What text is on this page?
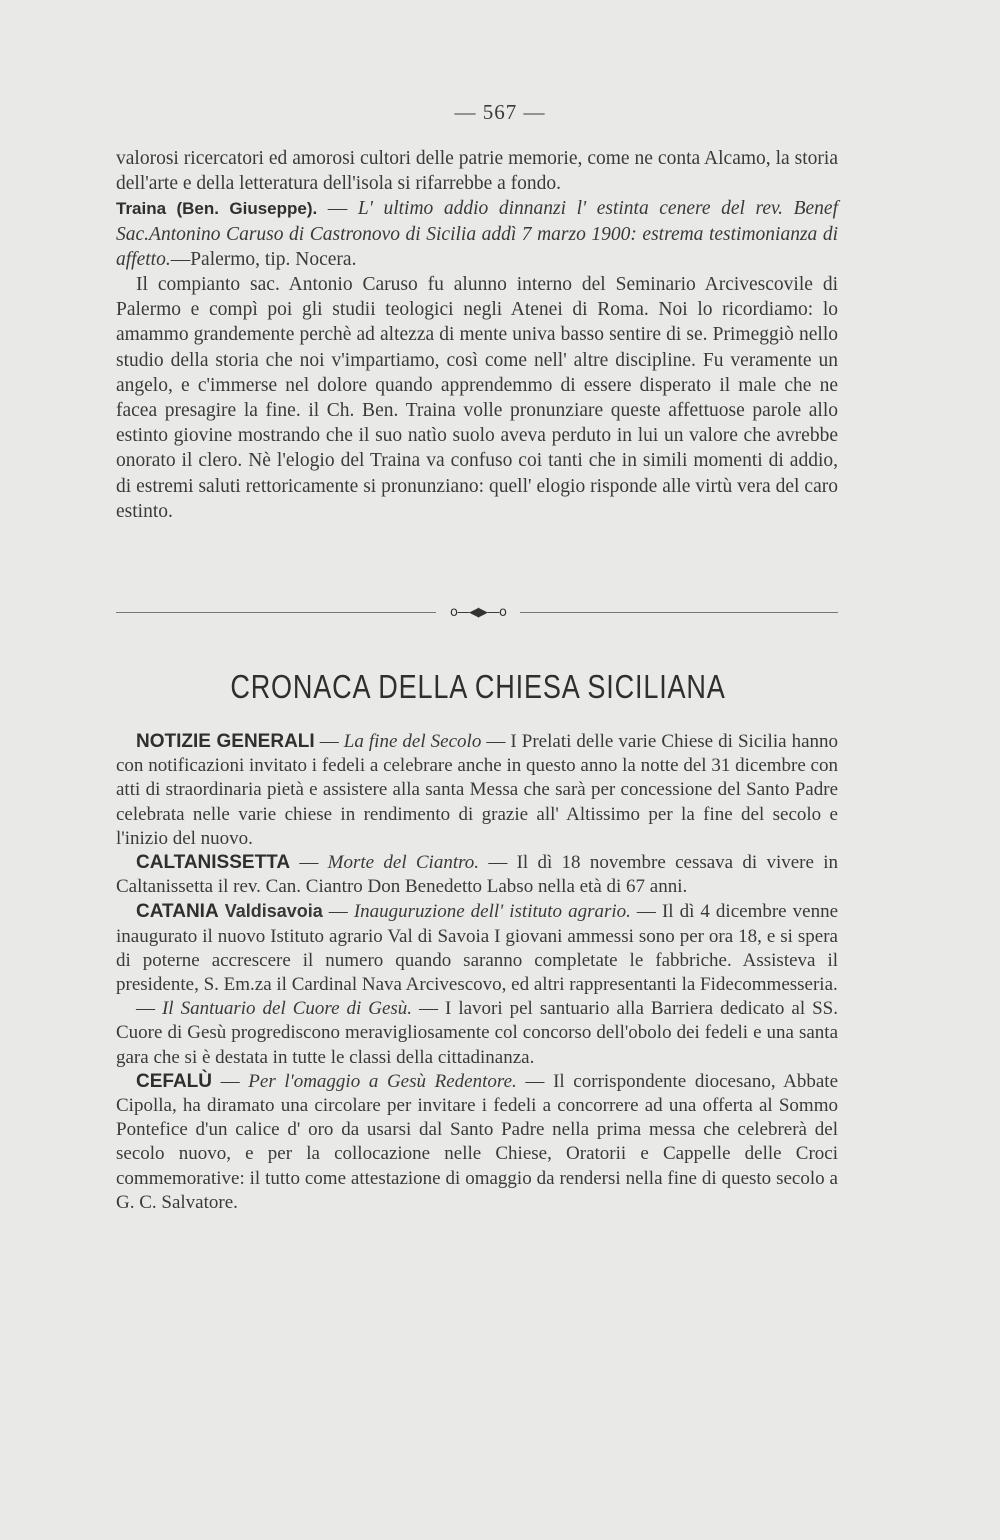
— 567 —

valorosi ricercatori ed amorosi cultori delle patrie memorie, come ne conta Alcamo, la storia dell'arte e della letteratura dell'isola si rifarrebbe a fondo.

Traina (Ben. Giuseppe). — L' ultimo addio dinnanzi l' estinta cenere del rev. Benef Sac.Antonino Caruso di Castronovo di Sicilia addì 7 marzo 1900: estrema testimonianza di affetto.—Palermo, tip. Nocera.

Il compianto sac. Antonio Caruso fu alunno interno del Seminario Arcivescovile di Palermo e compì poi gli studii teologici negli Atenei di Roma. Noi lo ricordiamo: lo amammo grandemente perchè ad altezza di mente univa basso sentire di se. Primeggiò nello studio della storia che noi v'impartiamo, così come nell' altre discipline. Fu veramente un angelo, e c'immerse nel dolore quando apprendemmo di essere disperato il male che ne facea presagire la fine. il Ch. Ben. Traina volle pronunziare queste affettuose parole allo estinto giovine mostrando che il suo natìo suolo aveva perduto in lui un valore che avrebbe onorato il clero. Nè l'elogio del Traina va confuso coi tanti che in simili momenti di addio, di estremi saluti rettoricamente si pronunziano: quell' elogio risponde alle virtù vera del caro estinto.

o—◀▶—o
CRONACA DELLA CHIESA SICILIANA

NOTIZIE GENERALI — La fine del Secolo — I Prelati delle varie Chiese di Sicilia hanno con notificazioni invitato i fedeli a celebrare anche in questo anno la notte del 31 dicembre con atti di straordinaria pietà e assistere alla santa Messa che sarà per concessione del Santo Padre celebrata nelle varie chiese in rendimento di grazie all' Altissimo per la fine del secolo e l'inizio del nuovo.

CALTANISSETTA — Morte del Ciantro. — Il dì 18 novembre cessava di vivere in Caltanissetta il rev. Can. Ciantro Don Benedetto Labso nella età di 67 anni.

CATANIA Valdisavoia — Inauguruzione dell' istituto agrario. — Il dì 4 dicembre venne inaugurato il nuovo Istituto agrario Val di Savoia I giovani ammessi sono per ora 18, e si spera di poterne accrescere il numero quando saranno completate le fabbriche. Assisteva il presidente, S. Em.za il Cardinal Nava Arcivescovo, ed altri rappresentanti la Fidecommesseria.

— Il Santuario del Cuore di Gesù. — I lavori pel santuario alla Barriera dedicato al SS. Cuore di Gesù progrediscono meravigliosamente col concorso dell'obolo dei fedeli e una santa gara che si è destata in tutte le classi della cittadinanza.

CEFALÙ — Per l'omaggio a Gesù Redentore. — Il corrispondente diocesano, Abbate Cipolla, ha diramato una circolare per invitare i fedeli a concorrere ad una offerta al Sommo Pontefice d'un calice d' oro da usarsi dal Santo Padre nella prima messa che celebrerà del secolo nuovo, e per la collocazione nelle Chiese, Oratorii e Cappelle delle Croci commemorative: il tutto come attestazione di omaggio da rendersi nella fine di questo secolo a G. C. Salvatore.
